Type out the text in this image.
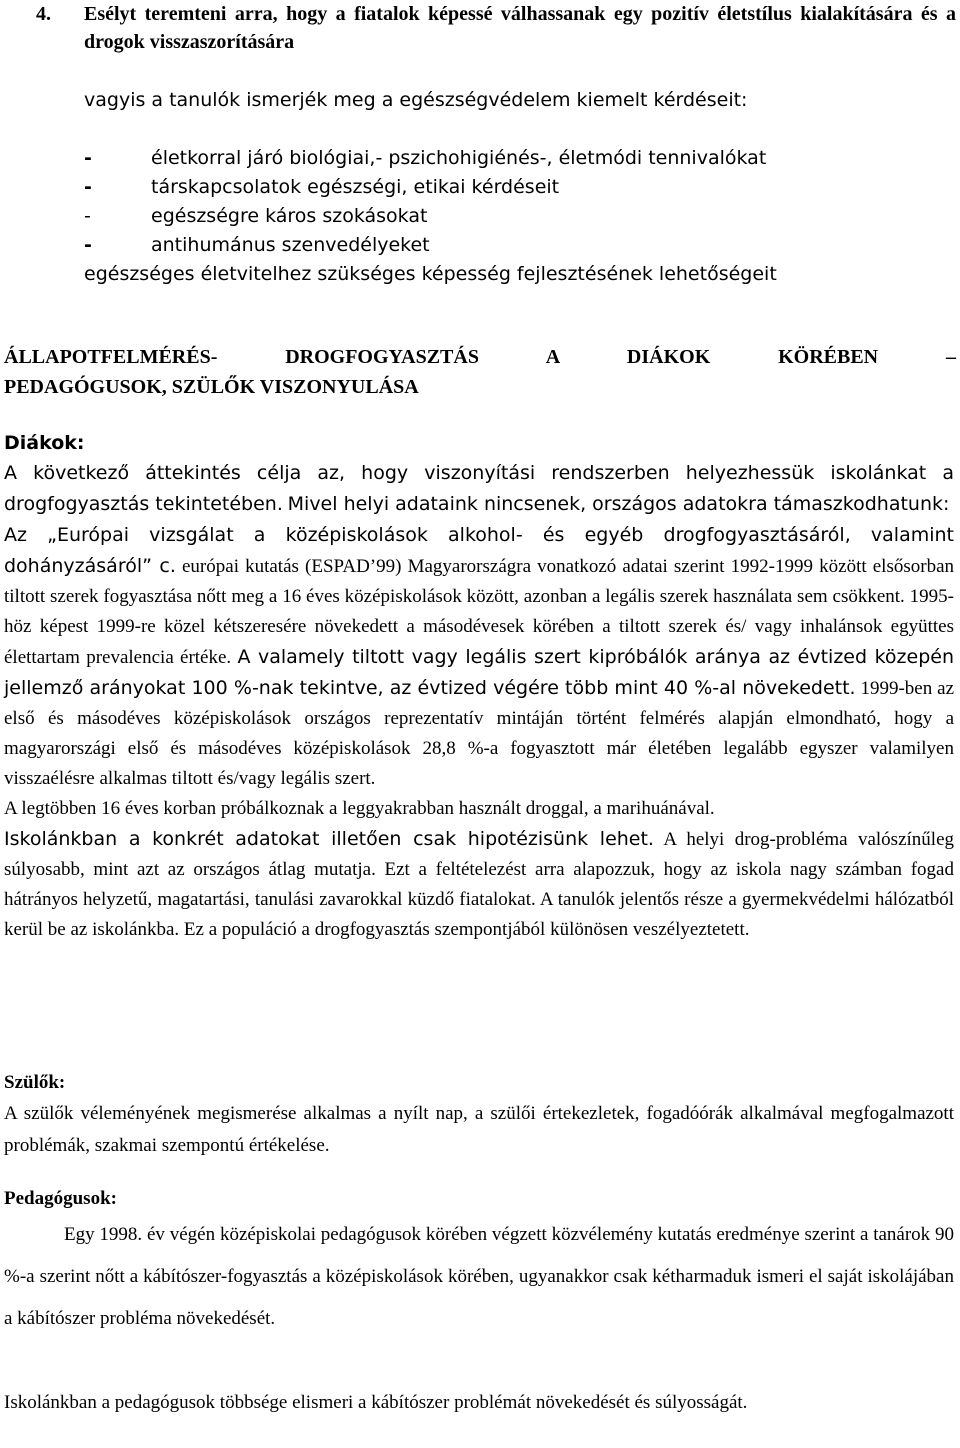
4. Esélyt teremteni arra, hogy a fiatalok képessé válhassanak egy pozitív életstílus kialakítására és a drogok visszaszorítására
vagyis a tanulók ismerjék meg a egészségvédelem kiemelt kérdéseit:
-	életkorral járó biológiai,- pszichohigiénés-, életmódi tennivalókat
-	társkapcsolatok egészségi, etikai kérdéseit
-	egészségre káros szokásokat
-	antihumánus szenvedélyeket
egészséges életvitelhez szükséges képesség fejlesztésének lehetőségeit
ÁLLAPOTFELMÉRÉS- DROGFOGYASZTÁS A DIÁKOK KÖRÉBEN –
PEDAGÓGUSOK, SZÜLŐK VISZONYULÁSA
Diákok:
A következő áttekintés célja az, hogy viszonyítási rendszerben helyezhessük iskolánkat a drogfogyasztás tekintetében. Mivel helyi adataink nincsenek, országos adatokra támaszkodhatunk:
Az „Európai vizsgálat a középiskolások alkohol- és egyéb drogfogyasztásáról, valamint dohányzásáról” c. európai kutatás (ESPAD’99) Magyarországra vonatkozó adatai szerint 1992-1999 között elsősorban tiltott szerek fogyasztása nőtt meg a 16 éves középiskolások között, azonban a legális szerek használata sem csökkent. 1995-höz képest 1999-re közel kétszeresére növekedett a másodévesek körében a tiltott szerek és/ vagy inhalánsok együttes élettartam prevalencia értéke. A valamely tiltott vagy legális szert kipróbálók aránya az évtized közepén jellemző arányokat 100 %-nak tekintve, az évtized végére több mint 40 %-al növekedett. 1999-ben az első és másodéves középiskolások országos reprezentatív mintáján történt felmérés alapján elmondható, hogy a magyarországi első és másodéves középiskolások 28,8 %-a fogyasztott már életében legalább egyszer valamilyen visszaélésre alkalmas tiltott és/vagy legális szert.
A legtöbben 16 éves korban próbálkoznak a leggyakrabban használt droggal, a marihuánával.
Iskolánkban a konkrét adatokat illetően csak hipotézisünk lehet. A helyi drog-probléma valószínűleg súlyosabb, mint azt az országos átlag mutatja. Ezt a feltételezést arra alapozzuk, hogy az iskola nagy számban fogad hátrányos helyzetű, magatartási, tanulási zavarokkal küzdő fiatalokat. A tanulók jelentős része a gyermekvédelmi hálózatból kerül be az iskolánkba. Ez a populáció a drogfogyasztás szempontjából különösen veszélyeztetett.
Szülők:
A szülők véleményének megismerése alkalmas a nyílt nap, a szülői értekezletek, fogadóórák alkalmával megfogalmazott problémák, szakmai szempontú értékelése.
Pedagógusok:
Egy 1998. év végén középiskolai pedagógusok körében végzett közvélemény kutatás eredménye szerint a tanárok 90 %-a szerint nőtt a kábítószer-fogyasztás a középiskolások körében, ugyanakkor csak kétharmaduk ismeri el saját iskolájában a kábítószer probléma növekedését.
Iskolánkban a pedagógusok többsége elismeri a kábítószer problémát növekedését és súlyosságát.
